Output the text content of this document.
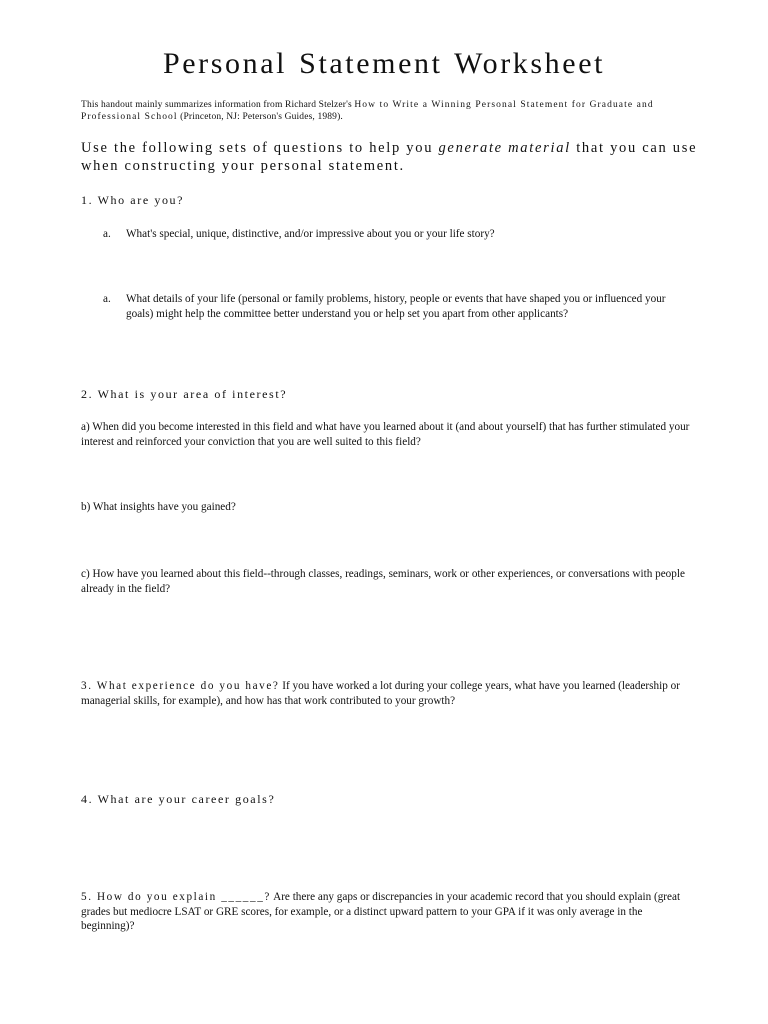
Personal Statement Worksheet
This handout mainly summarizes information from Richard Stelzer's How to Write a Winning Personal Statement for Graduate and Professional School (Princeton, NJ: Peterson's Guides, 1989).
Use the following sets of questions to help you generate material that you can use when constructing your personal statement.
1. Who are you?
a. What's special, unique, distinctive, and/or impressive about you or your life story?
a. What details of your life (personal or family problems, history, people or events that have shaped you or influenced your goals) might help the committee better understand you or help set you apart from other applicants?
2. What is your area of interest?
a) When did you become interested in this field and what have you learned about it (and about yourself) that has further stimulated your interest and reinforced your conviction that you are well suited to this field?
b) What insights have you gained?
c) How have you learned about this field--through classes, readings, seminars, work or other experiences, or conversations with people already in the field?
3. What experience do you have? If you have worked a lot during your college years, what have you learned (leadership or managerial skills, for example), and how has that work contributed to your growth?
4. What are your career goals?
5. How do you explain ______? Are there any gaps or discrepancies in your academic record that you should explain (great grades but mediocre LSAT or GRE scores, for example, or a distinct upward pattern to your GPA if it was only average in the beginning)?
